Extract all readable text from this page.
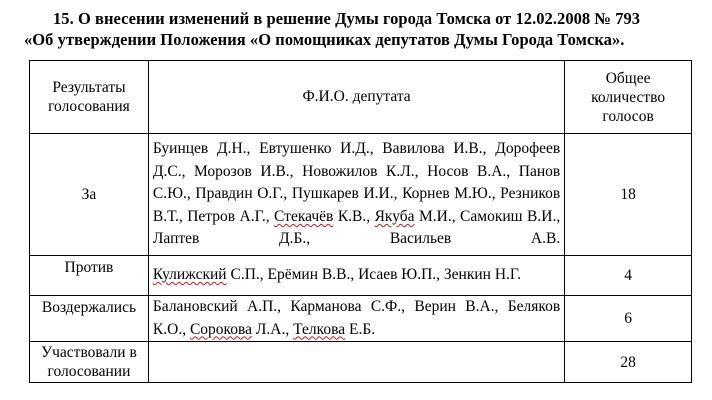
15. О внесении изменений в решение Думы города Томска от 12.02.2008 № 793
«Об утверждении Положения «О помощниках депутатов Думы Города Томска».
Результаты голосования	Ф.И.О. депутата	Общее количество голосов
За	Буинцев Д.Н., Евтушенко И.Д., Вавилова И.В., Дорофеев Д.С., Морозов И.В., Новожилов К.Л., Носов В.А., Панов С.Ю., Правдин О.Г., Пушкарев И.И., Корнев М.Ю., Резников В.Т., Петров А.Г., Стекачёв К.В., Якуба М.И., Самокиш В.И., Лаптев Д.Б., Васильев А.В.	18
Против	Кулижский С.П., Ерёмин В.В., Исаев Ю.П., Зенкин Н.Г.	4
Воздержались	Балановский А.П., Карманова С.Ф., Верин В.А., Беляков К.О., Сорокова Л.А., Телкова Е.Б.	6
Участвовали в голосовании		28
